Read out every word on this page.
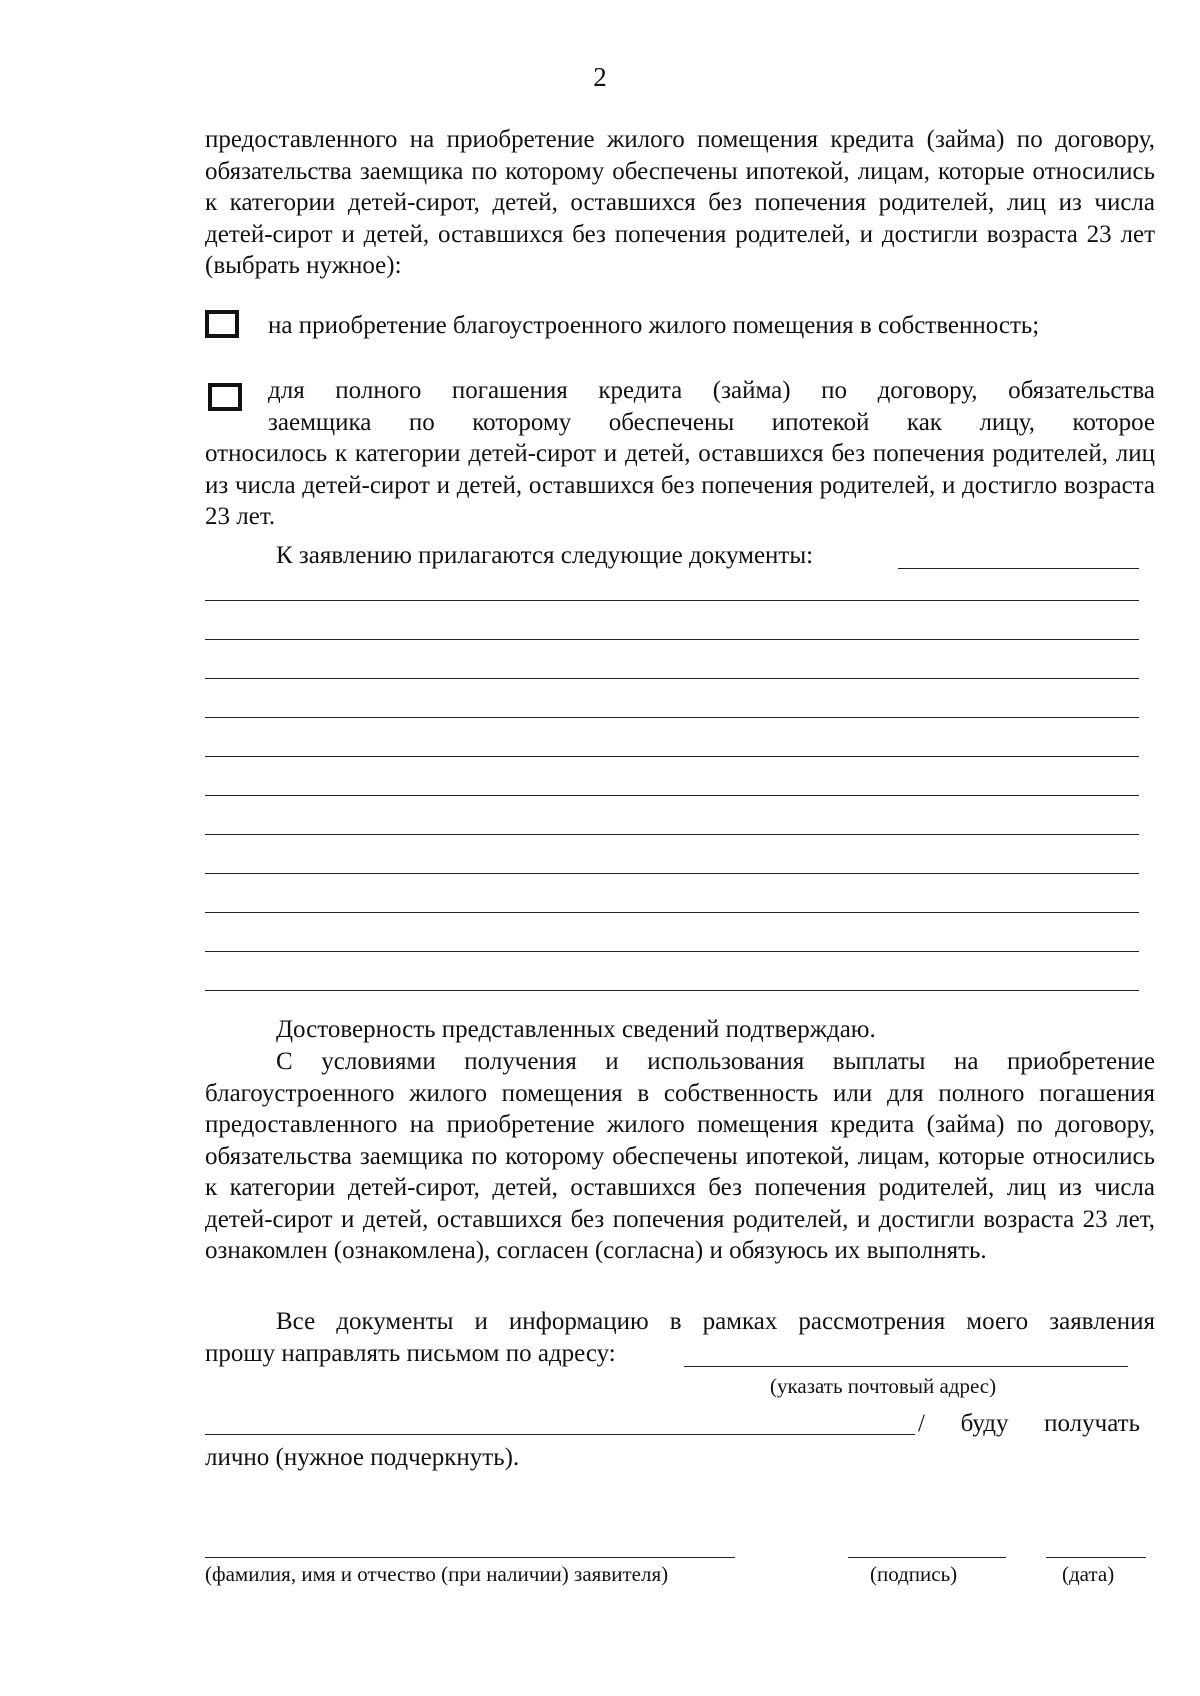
2

предоставленного на приобретение жилого помещения кредита (займа) по договору, обязательства заемщика по которому обеспечены ипотекой, лицам, которые относились к категории детей-сирот, детей, оставшихся без попечения родителей, лиц из числа детей-сирот и детей, оставшихся без попечения родителей, и достигли возраста 23 лет (выбрать нужное):

на приобретение благоустроенного жилого помещения в собственность;

для полного погашения кредита (займа) по договору, обязательства

заемщика по которому обеспечены ипотекой как лицу, которое

относилось к категории детей-сирот и детей, оставшихся без попечения родителей, лиц из числа детей-сирот и детей, оставшихся без попечения родителей, и достигло возраста 23 лет.

К заявлению прилагаются следующие документы:
Достоверность представленных сведений подтверждаю.

С условиями получения и использования выплаты на приобретение благоустроенного жилого помещения в собственность или для полного погашения предоставленного на приобретение жилого помещения кредита (займа) по договору, обязательства заемщика по которому обеспечены ипотекой, лицам, которые относились к категории детей-сирот, детей, оставшихся без попечения родителей, лиц из числа детей-сирот и детей, оставшихся без попечения родителей, и достигли возраста 23 лет, ознакомлен (ознакомлена), согласен (согласна) и обязуюсь их выполнять.

Все документы и информацию в рамках рассмотрения моего заявления

прошу направлять письмом по адресу:
(указать почтовый адрес)
/ буду получать
лично (нужное подчеркнуть).
(фамилия, имя и отчество (при наличии) заявителя)	(подпись)	(дата)
